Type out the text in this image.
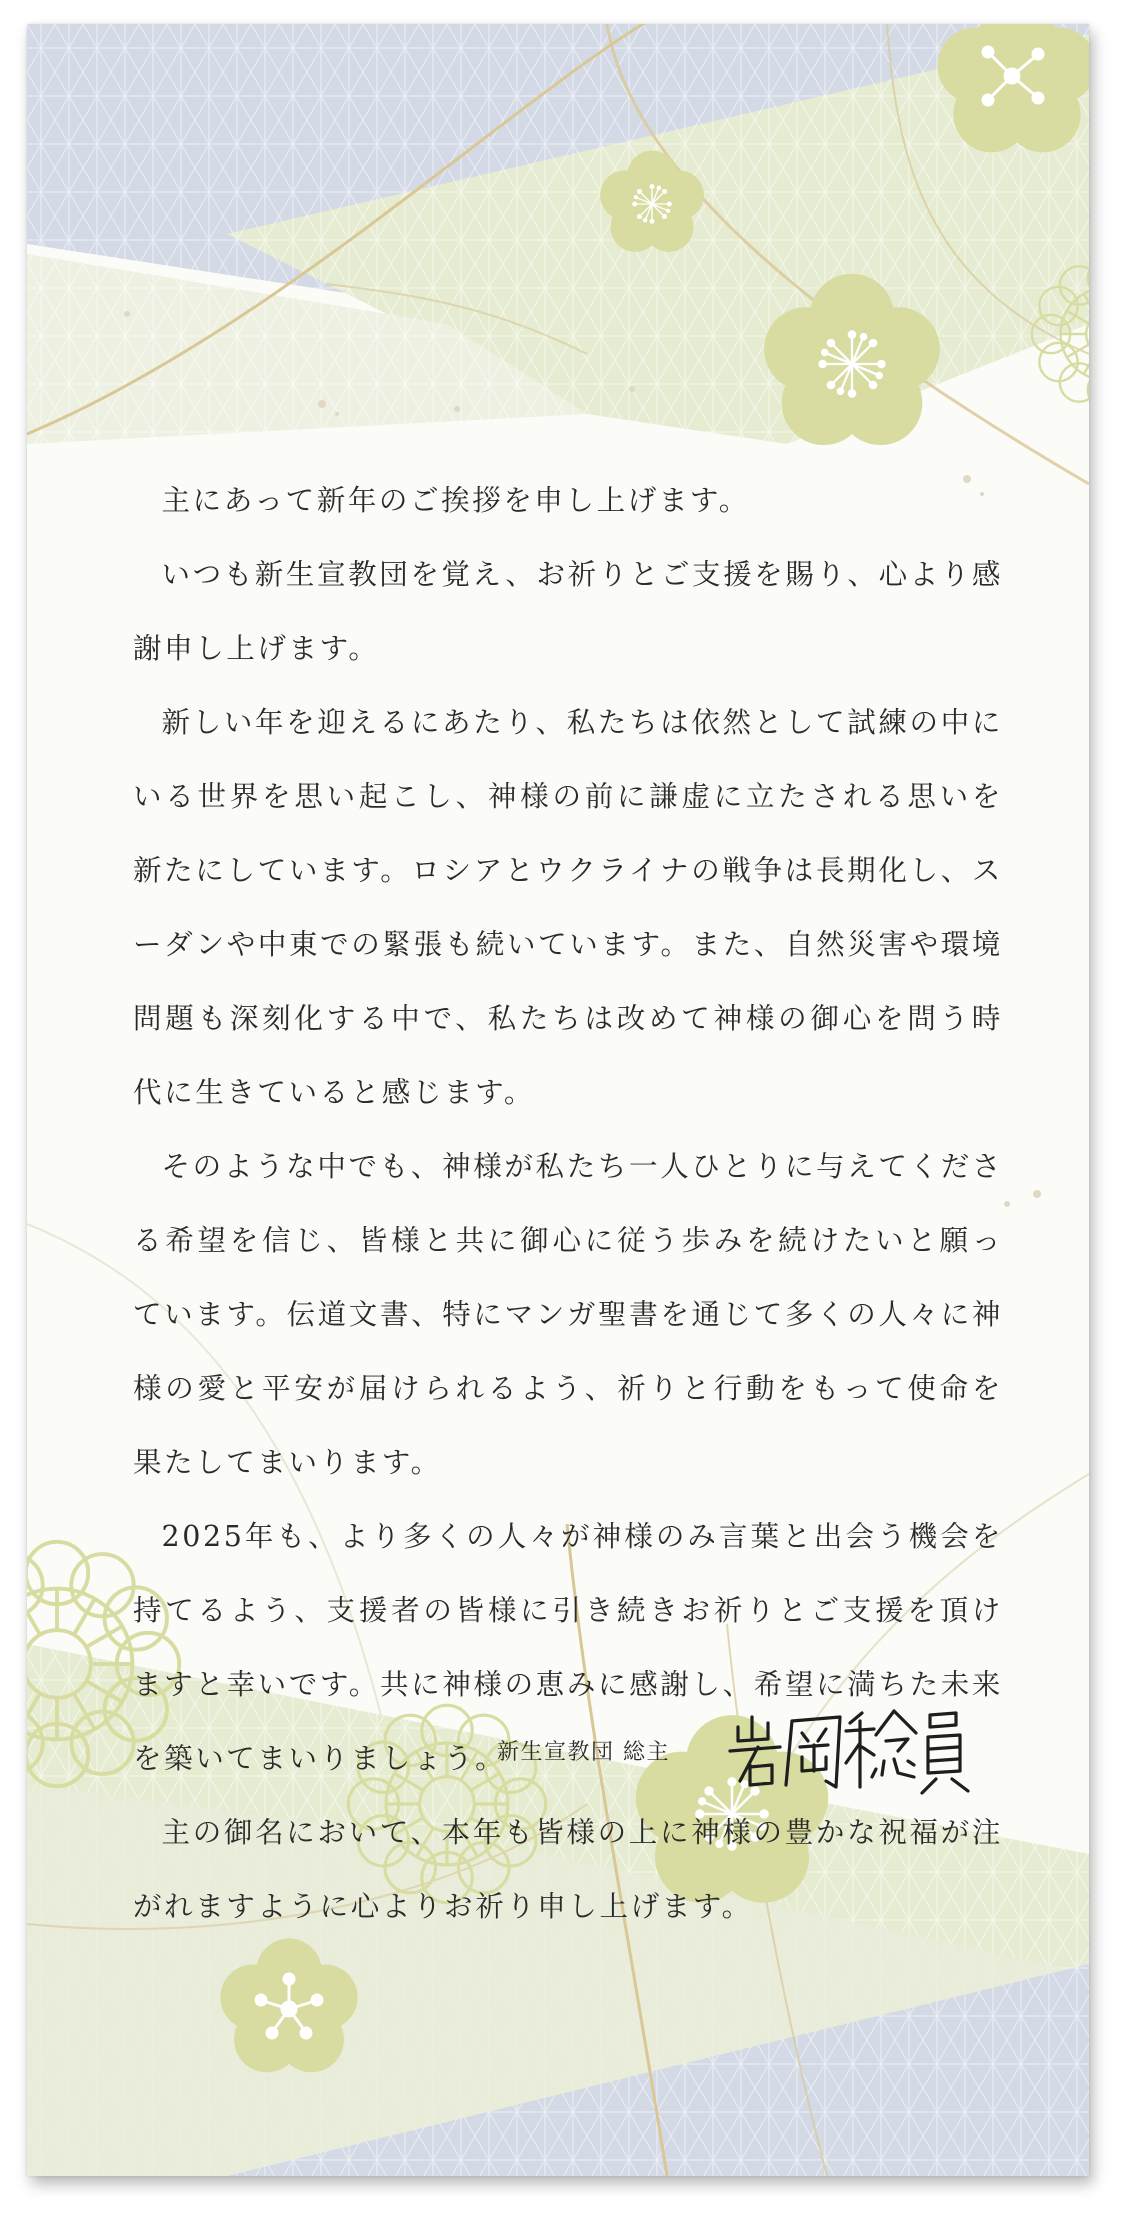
主にあって新年のご挨拶を申し上げます。

いつも新生宣教団を覚え、お祈りとご支援を賜り、心より感謝申し上げます。

新しい年を迎えるにあたり、私たちは依然として試練の中にいる世界を思い起こし、神様の前に謙虚に立たされる思いを新たにしています。ロシアとウクライナの戦争は長期化し、スーダンや中東での緊張も続いています。また、自然災害や環境問題も深刻化する中で、私たちは改めて神様の御心を問う時代に生きていると感じます。

そのような中でも、神様が私たち一人ひとりに与えてくださる希望を信じ、皆様と共に御心に従う歩みを続けたいと願っています。伝道文書、特にマンガ聖書を通じて多くの人々に神様の愛と平安が届けられるよう、祈りと行動をもって使命を果たしてまいります。

2025年も、より多くの人々が神様のみ言葉と出会う機会を持てるよう、支援者の皆様に引き続きお祈りとご支援を頂けますと幸いです。共に神様の恵みに感謝し、希望に満ちた未来を築いてまいりましょう。

主の御名において、本年も皆様の上に神様の豊かな祝福が注がれますように心よりお祈り申し上げます。

新生宣教団 総主
